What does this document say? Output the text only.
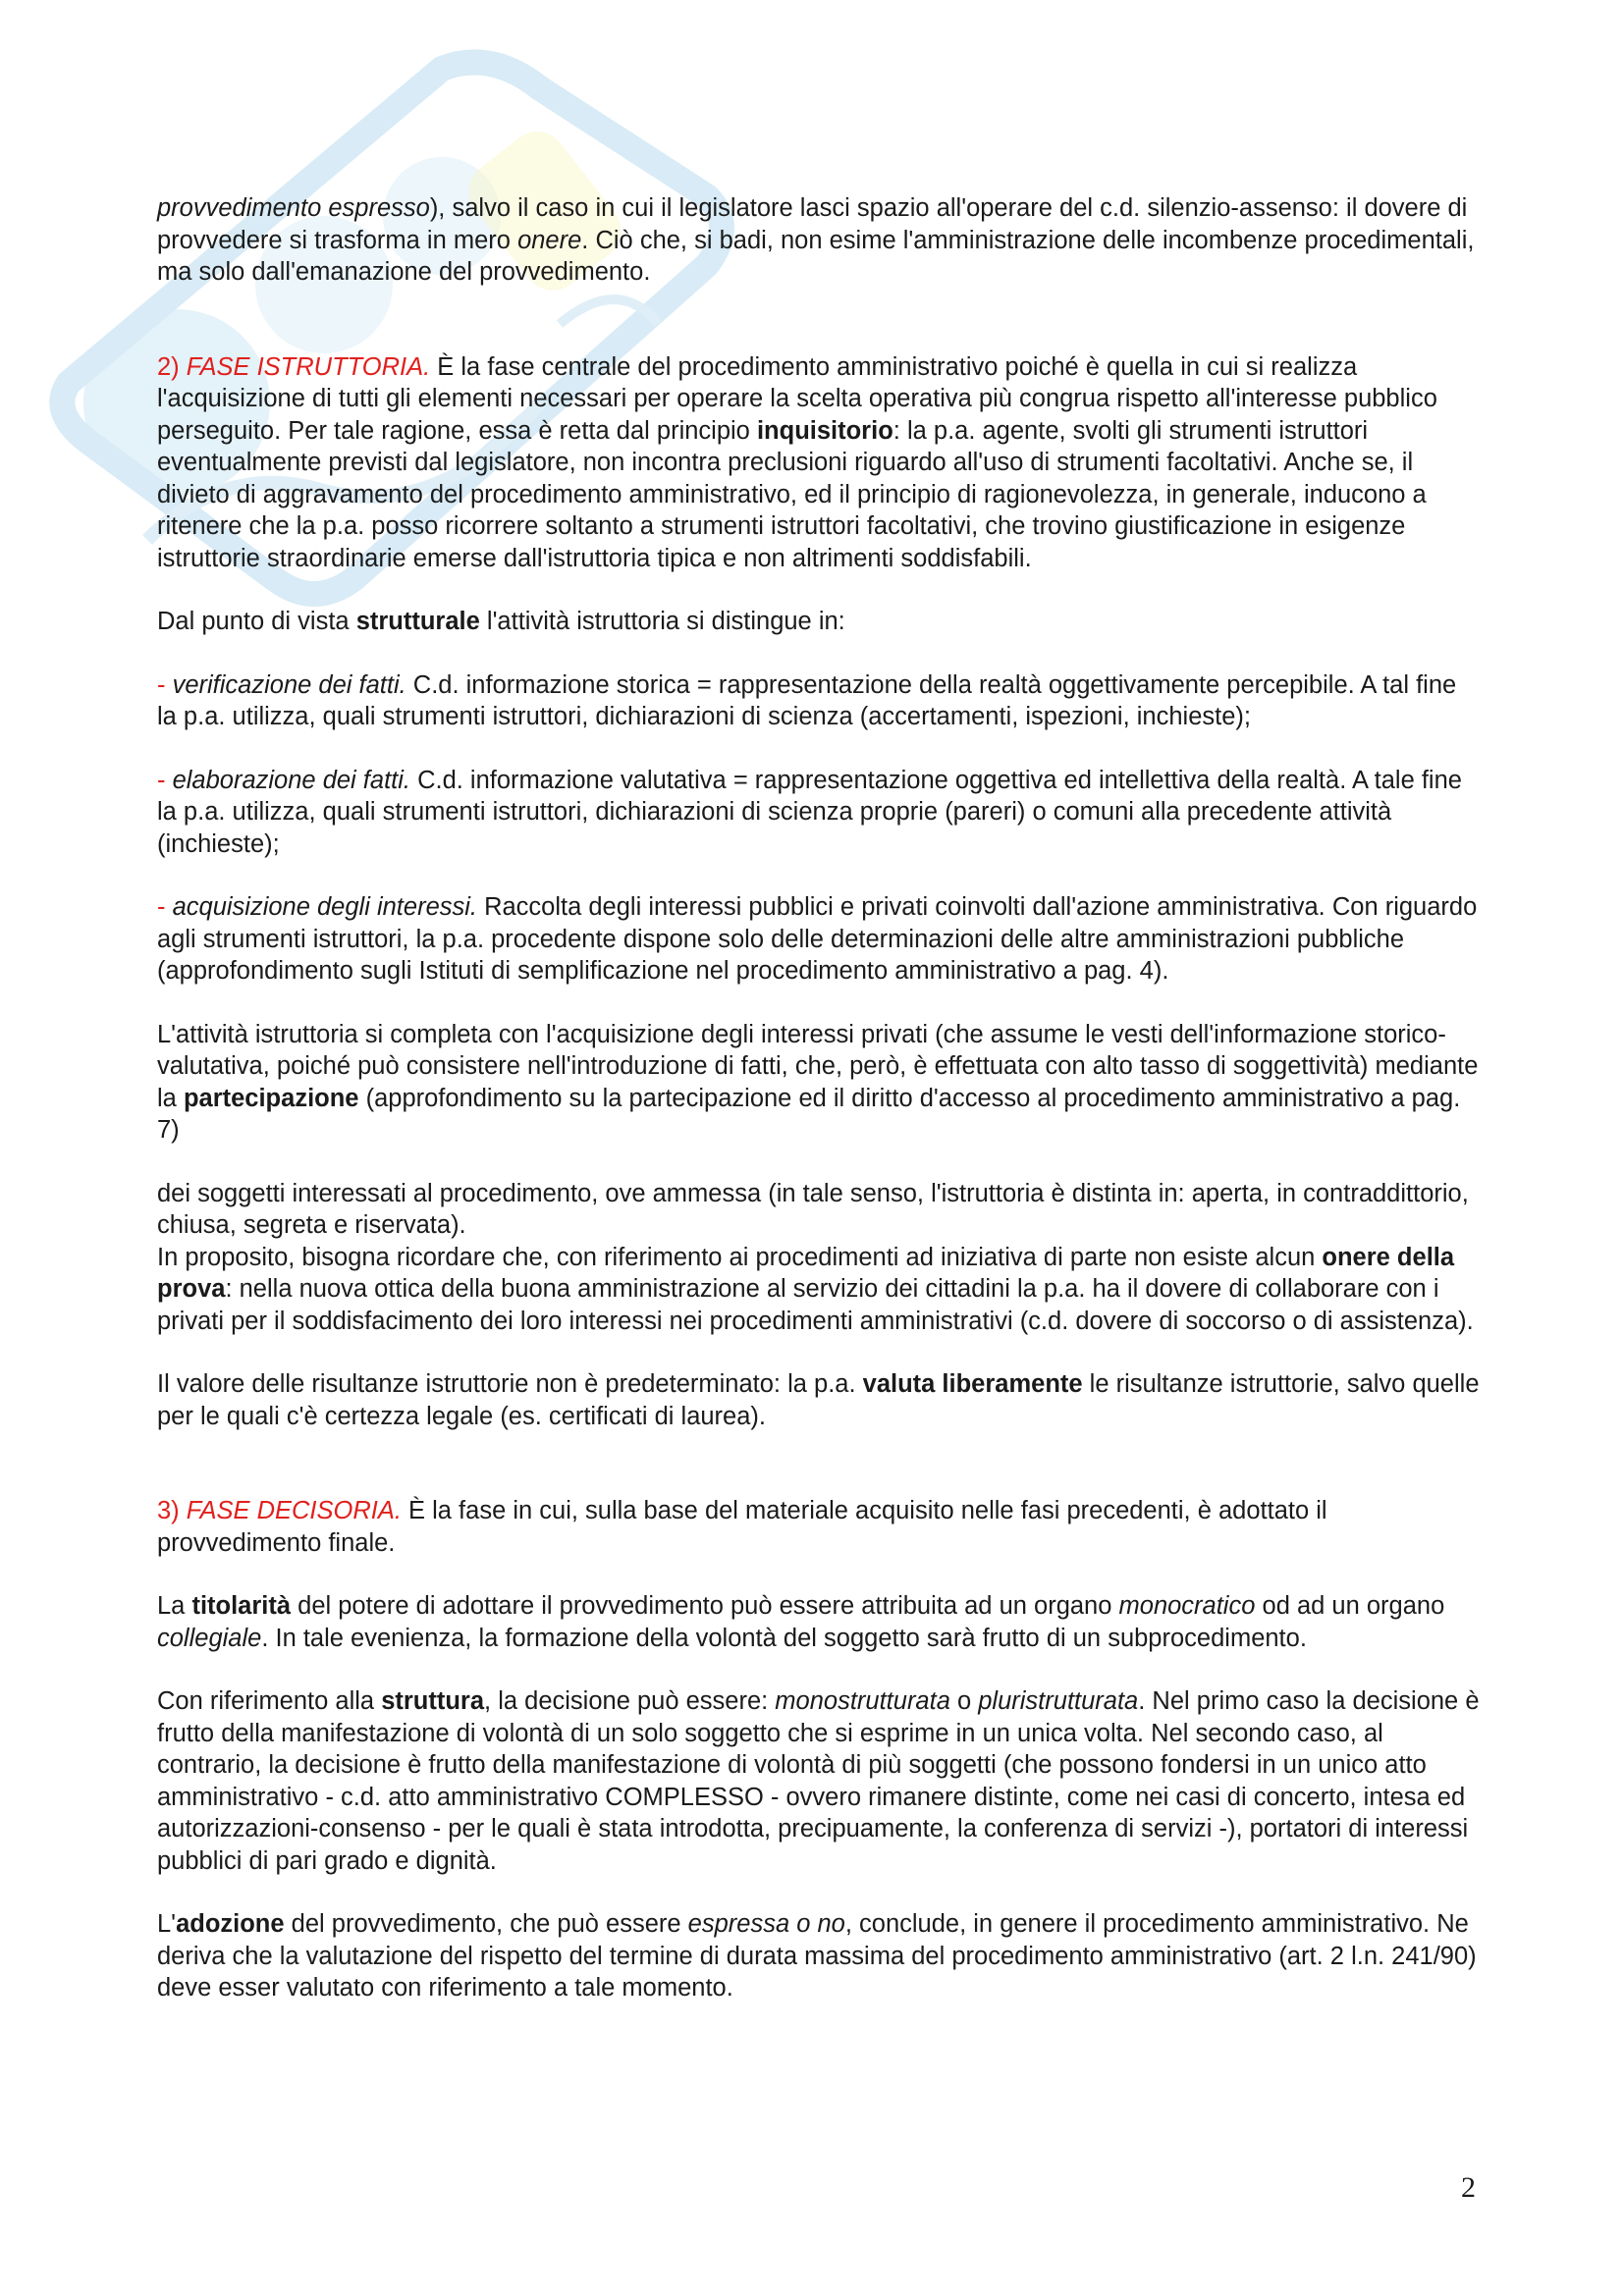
provvedimento espresso), salvo il caso in cui il legislatore lasci spazio all'operare del c.d. silenzio-assenso: il dovere di provvedere si trasforma in mero onere. Ciò che, si badi, non esime l'amministrazione delle incombenze procedimentali, ma solo dall'emanazione del provvedimento.

2) FASE ISTRUTTORIA. È la fase centrale del procedimento amministrativo poiché è quella in cui si realizza l'acquisizione di tutti gli elementi necessari per operare la scelta operativa più congrua rispetto all'interesse pubblico perseguito. Per tale ragione, essa è retta dal principio inquisitorio: la p.a. agente, svolti gli strumenti istruttori eventualmente previsti dal legislatore, non incontra preclusioni riguardo all'uso di strumenti facoltativi. Anche se, il divieto di aggravamento del procedimento amministrativo, ed il principio di ragionevolezza, in generale, inducono a ritenere che la p.a. posso ricorrere soltanto a strumenti istruttori facoltativi, che trovino giustificazione in esigenze istruttorie straordinarie emerse dall'istruttoria tipica e non altrimenti soddisfabili.

Dal punto di vista strutturale l'attività istruttoria si distingue in:

- verificazione dei fatti. C.d. informazione storica = rappresentazione della realtà oggettivamente percepibile. A tal fine la p.a. utilizza, quali strumenti istruttori, dichiarazioni di scienza (accertamenti, ispezioni, inchieste);

- elaborazione dei fatti. C.d. informazione valutativa = rappresentazione oggettiva ed intellettiva della realtà. A tale fine la p.a. utilizza, quali strumenti istruttori, dichiarazioni di scienza proprie (pareri) o comuni alla precedente attività (inchieste);

- acquisizione degli interessi. Raccolta degli interessi pubblici e privati coinvolti dall'azione amministrativa. Con riguardo agli strumenti istruttori, la p.a. procedente dispone solo delle determinazioni delle altre amministrazioni pubbliche (approfondimento sugli Istituti di semplificazione nel procedimento amministrativo a pag. 4).

L'attività istruttoria si completa con l'acquisizione degli interessi privati (che assume le vesti dell'informazione storico-valutativa, poiché può consistere nell'introduzione di fatti, che, però, è effettuata con alto tasso di soggettività) mediante la partecipazione (approfondimento su la partecipazione ed il diritto d'accesso al procedimento amministrativo a pag. 7)

dei soggetti interessati al procedimento, ove ammessa (in tale senso, l'istruttoria è distinta in: aperta, in contraddittorio, chiusa, segreta e riservata).

In proposito, bisogna ricordare che, con riferimento ai procedimenti ad iniziativa di parte non esiste alcun onere della prova: nella nuova ottica della buona amministrazione al servizio dei cittadini la p.a. ha il dovere di collaborare con i privati per il soddisfacimento dei loro interessi nei procedimenti amministrativi (c.d. dovere di soccorso o di assistenza).

Il valore delle risultanze istruttorie non è predeterminato: la p.a. valuta liberamente le risultanze istruttorie, salvo quelle per le quali c'è certezza legale (es. certificati di laurea).

3) FASE DECISORIA. È la fase in cui, sulla base del materiale acquisito nelle fasi precedenti, è adottato il provvedimento finale.

La titolarità del potere di adottare il provvedimento può essere attribuita ad un organo monocratico od ad un organo collegiale. In tale evenienza, la formazione della volontà del soggetto sarà frutto di un subprocedimento.

Con riferimento alla struttura, la decisione può essere: monostrutturata o pluristrutturata. Nel primo caso la decisione è frutto della manifestazione di volontà di un solo soggetto che si esprime in un unica volta. Nel secondo caso, al contrario, la decisione è frutto della manifestazione di volontà di più soggetti (che possono fondersi in un unico atto amministrativo - c.d. atto amministrativo COMPLESSO - ovvero rimanere distinte, come nei casi di concerto, intesa ed autorizzazioni-consenso - per le quali è stata introdotta, precipuamente, la conferenza di servizi -), portatori di interessi pubblici di pari grado e dignità.

L'adozione del provvedimento, che può essere espressa o no, conclude, in genere il procedimento amministrativo. Ne deriva che la valutazione del rispetto del termine di durata massima del procedimento amministrativo (art. 2 l.n. 241/90) deve esser valutato con riferimento a tale momento.

2
